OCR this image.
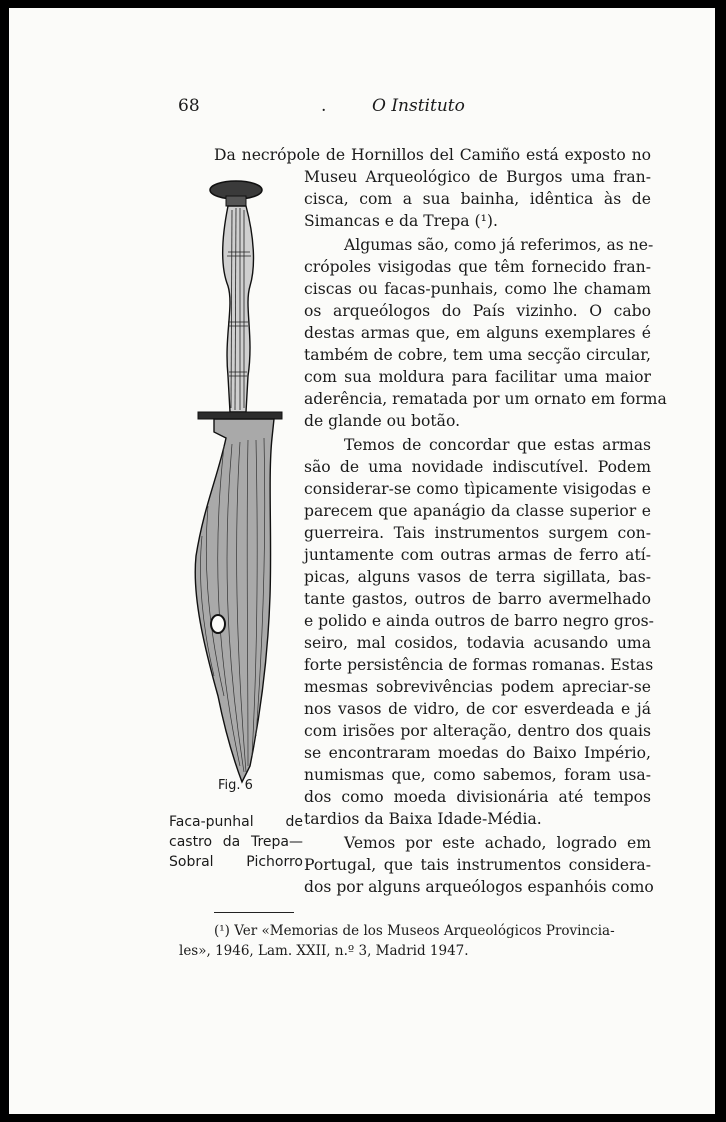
68	.	O Instituto
Da necrópole de Hornillos del Camiño está exposto no
Museu Arqueológico de Burgos uma fran-
cisca, com a sua bainha, idêntica às de
Simancas e da Trepa (¹).
Algumas são, como já referimos, as ne-
crópoles visigodas que têm fornecido fran-
ciscas ou facas-punhais, como lhe chamam
os arqueólogos do País vizinho. O cabo
destas armas que, em alguns exemplares é
também de cobre, tem uma secção circular,
com sua moldura para facilitar uma maior
aderência, rematada por um ornato em forma
de glande ou botão.
Temos de concordar que estas armas
são de uma novidade indiscutível. Podem
considerar-se como tìpicamente visigodas e
parecem que apanágio da classe superior e
guerreira. Tais instrumentos surgem con-
juntamente com outras armas de ferro atí-
picas, alguns vasos de terra sigillata, bas-
tante gastos, outros de barro avermelhado
e polido e ainda outros de barro negro gros-
seiro, mal cosidos, todavia acusando uma
forte persistência de formas romanas. Estas
mesmas sobrevivências podem apreciar-se
nos vasos de vidro, de cor esverdeada e já
com irisões por alteração, dentro dos quais
se encontraram moedas do Baixo Império,
numismas que, como sabemos, foram usa-
dos como moeda divisionária até tempos
tardios da Baixa Idade-Média.
Vemos por este achado, logrado em
Portugal, que tais instrumentos considera-
dos por alguns arqueólogos espanhóis como
Fig. 6
Faca-punhal de
castro da Trepa—
Sobral Pichorro
(¹) Ver «Memorias de los Museos Arqueológicos Provincia-
les», 1946, Lam. XXII, n.º 3, Madrid 1947.
